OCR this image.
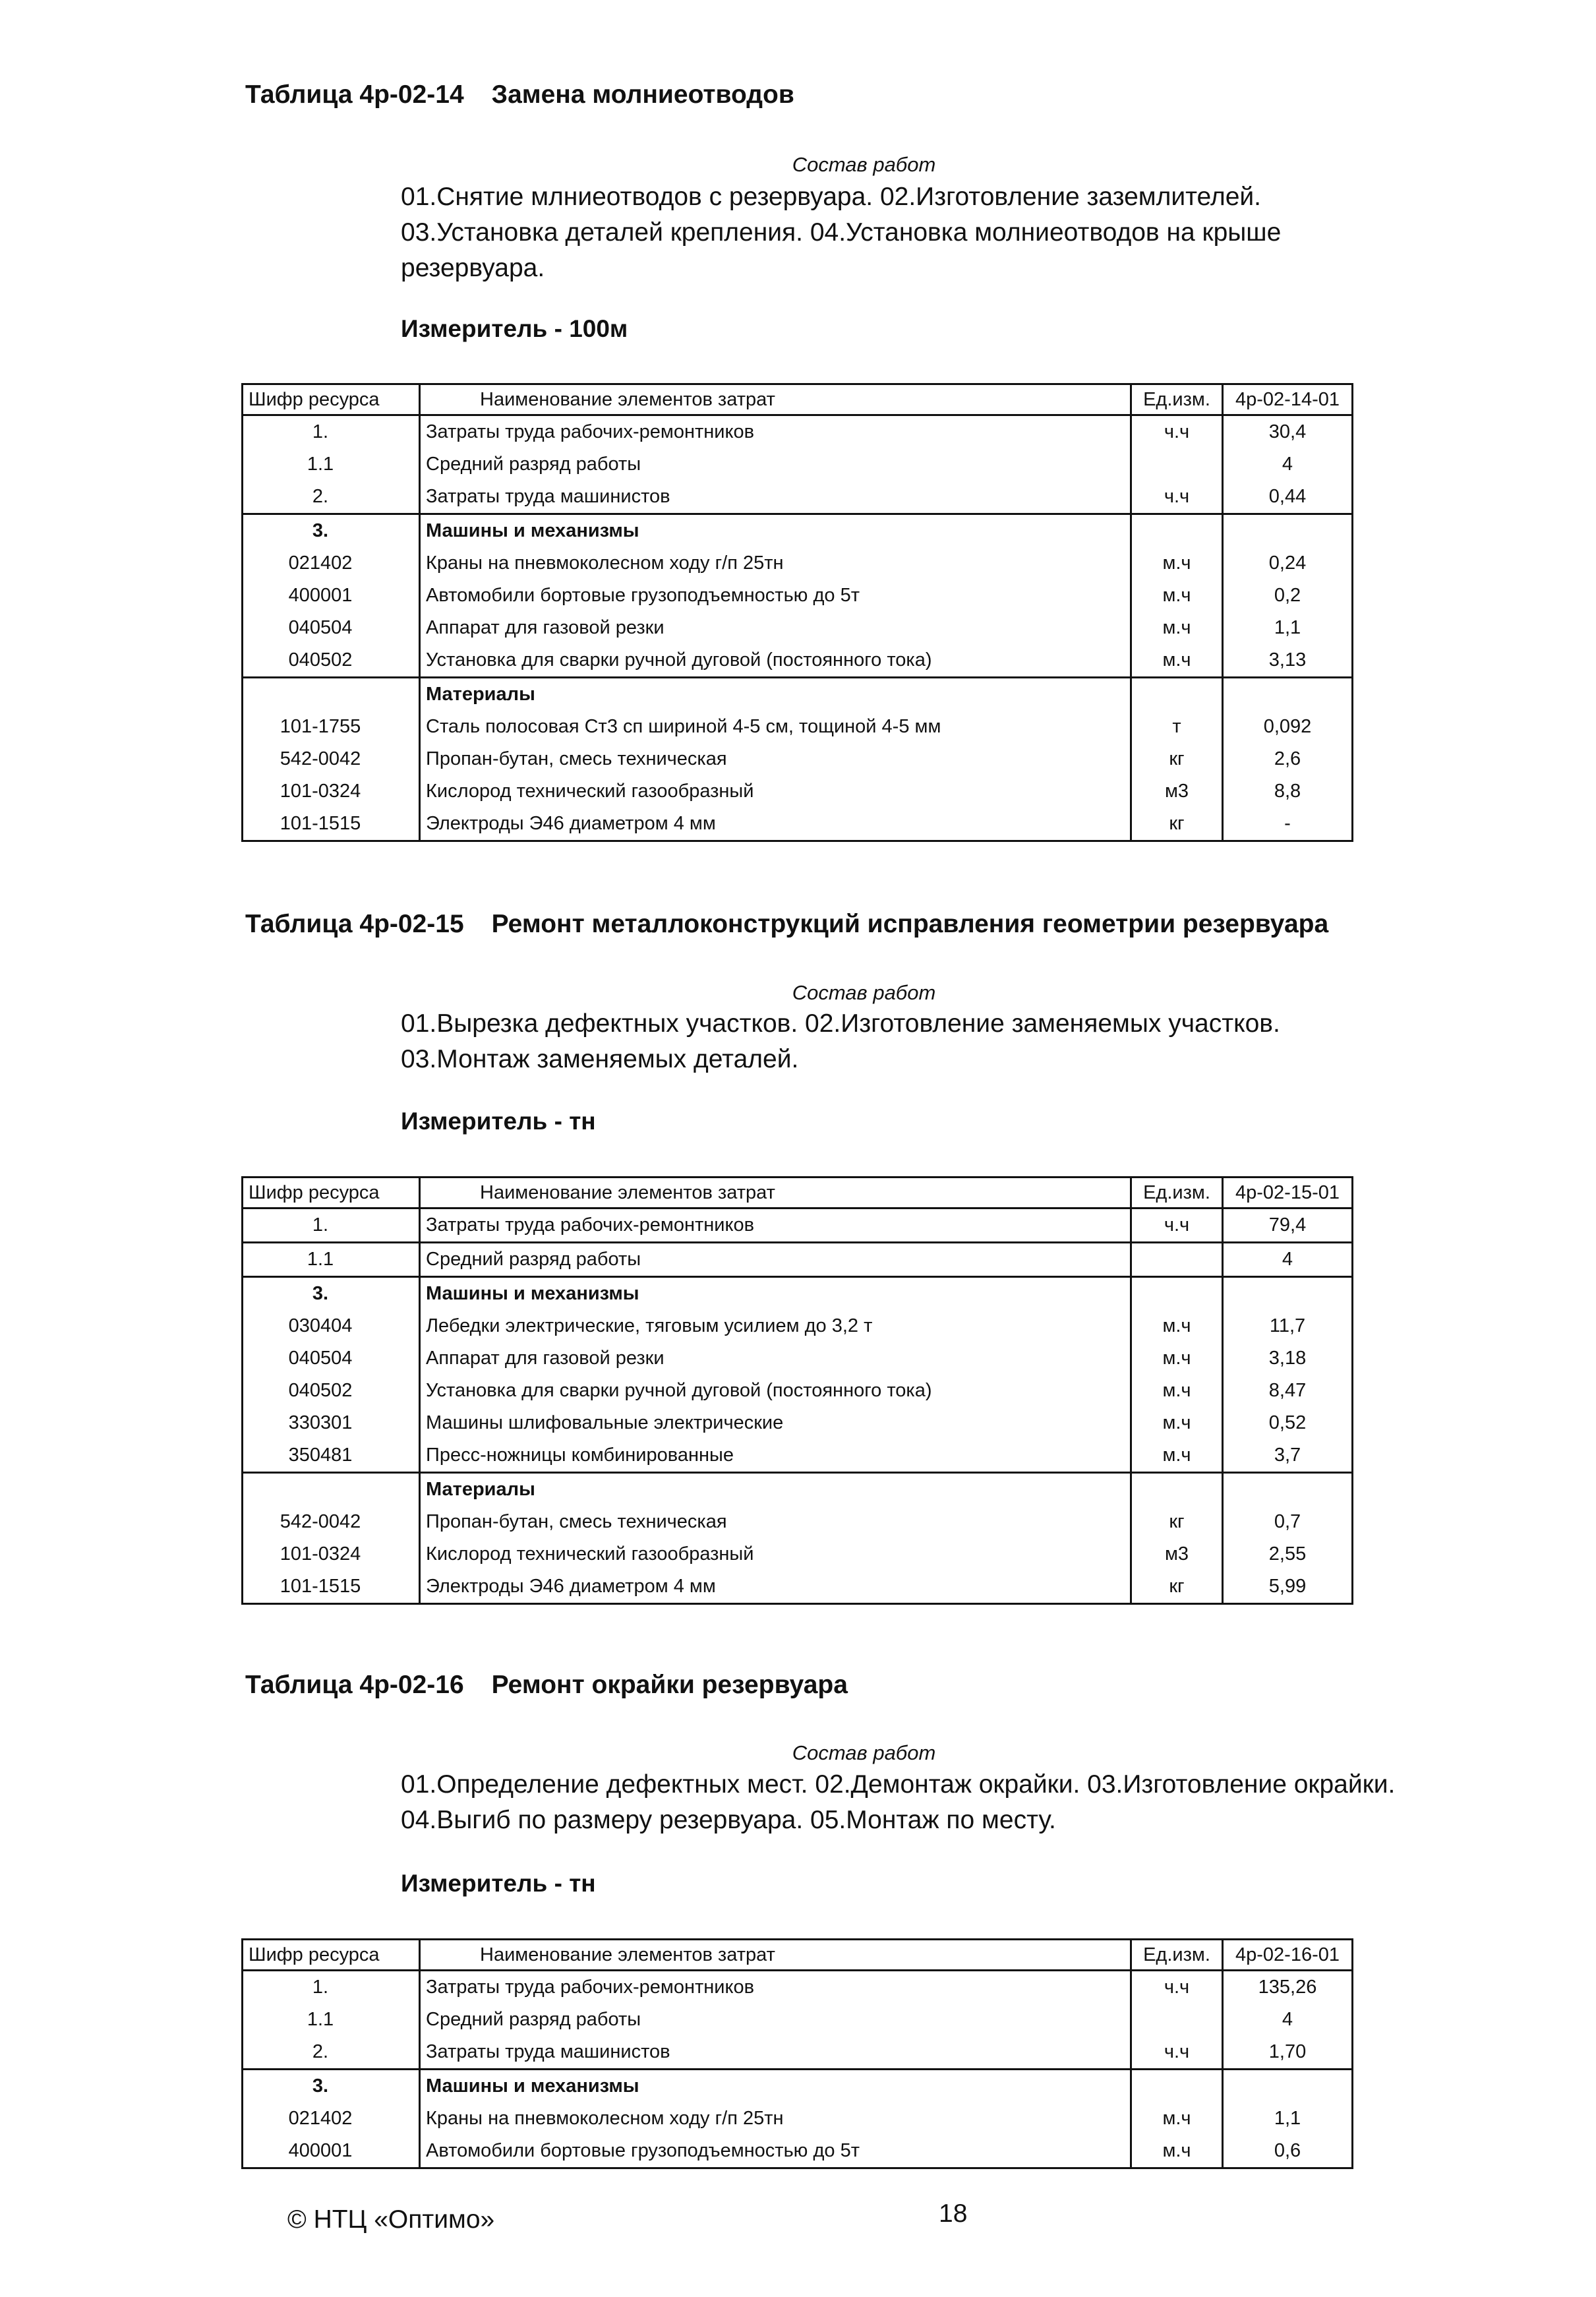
Таблица 4р-02-14 Замена молниеотводов
Состав работ
01.Снятие млниеотводов с резервуара. 02.Изготовление заземлителей.
03.Установка деталей крепления. 04.Установка молниеотводов на крыше
резервуара.
Измеритель - 100м
Шифр ресурса	Наименование элементов затрат	Ед.изм.	4р-02-14-01
1.	Затраты труда рабочих-ремонтников	ч.ч	30,4
1.1	Средний разряд работы		4
2.	Затраты труда машинистов	ч.ч	0,44
3.	Машины и механизмы		
021402	Краны на пневмоколесном ходу г/п 25тн	м.ч	0,24
400001	Автомобили бортовые грузоподъемностью до 5т	м.ч	0,2
040504	Аппарат для газовой резки	м.ч	1,1
040502	Установка для сварки ручной дуговой (постоянного тока)	м.ч	3,13
	Материалы		
101-1755	Сталь полосовая Ст3 сп шириной 4-5 см, тощиной 4-5 мм	т	0,092
542-0042	Пропан-бутан, смесь техническая	кг	2,6
101-0324	Кислород технический газообразный	м3	8,8
101-1515	Электроды Э46 диаметром 4 мм	кг	-
Таблица 4р-02-15 Ремонт металлоконструкций исправления геометрии резервуара
Состав работ
01.Вырезка дефектных участков. 02.Изготовление заменяемых участков.
03.Монтаж заменяемых деталей.
Измеритель - тн
Шифр ресурса	Наименование элементов затрат	Ед.изм.	4р-02-15-01
1.	Затраты труда рабочих-ремонтников	ч.ч	79,4
1.1	Средний разряд работы		4
3.	Машины и механизмы		
030404	Лебедки электрические, тяговым усилием до 3,2 т	м.ч	11,7
040504	Аппарат для газовой резки	м.ч	3,18
040502	Установка для сварки ручной дуговой (постоянного тока)	м.ч	8,47
330301	Машины шлифовальные электрические	м.ч	0,52
350481	Пресс-ножницы комбинированные	м.ч	3,7
	Материалы		
542-0042	Пропан-бутан, смесь техническая	кг	0,7
101-0324	Кислород технический газообразный	м3	2,55
101-1515	Электроды Э46 диаметром 4 мм	кг	5,99
Таблица 4р-02-16 Ремонт окрайки резервуара
Состав работ
01.Определение дефектных мест. 02.Демонтаж окрайки. 03.Изготовление окрайки.
04.Выгиб по размеру резервуара. 05.Монтаж по месту.
Измеритель - тн
Шифр ресурса	Наименование элементов затрат	Ед.изм.	4р-02-16-01
1.	Затраты труда рабочих-ремонтников	ч.ч	135,26
1.1	Средний разряд работы		4
2.	Затраты труда машинистов	ч.ч	1,70
3.	Машины и механизмы		
021402	Краны на пневмоколесном ходу г/п 25тн	м.ч	1,1
400001	Автомобили бортовые грузоподъемностью до 5т	м.ч	0,6
© НТЦ «Оптимо»	18
